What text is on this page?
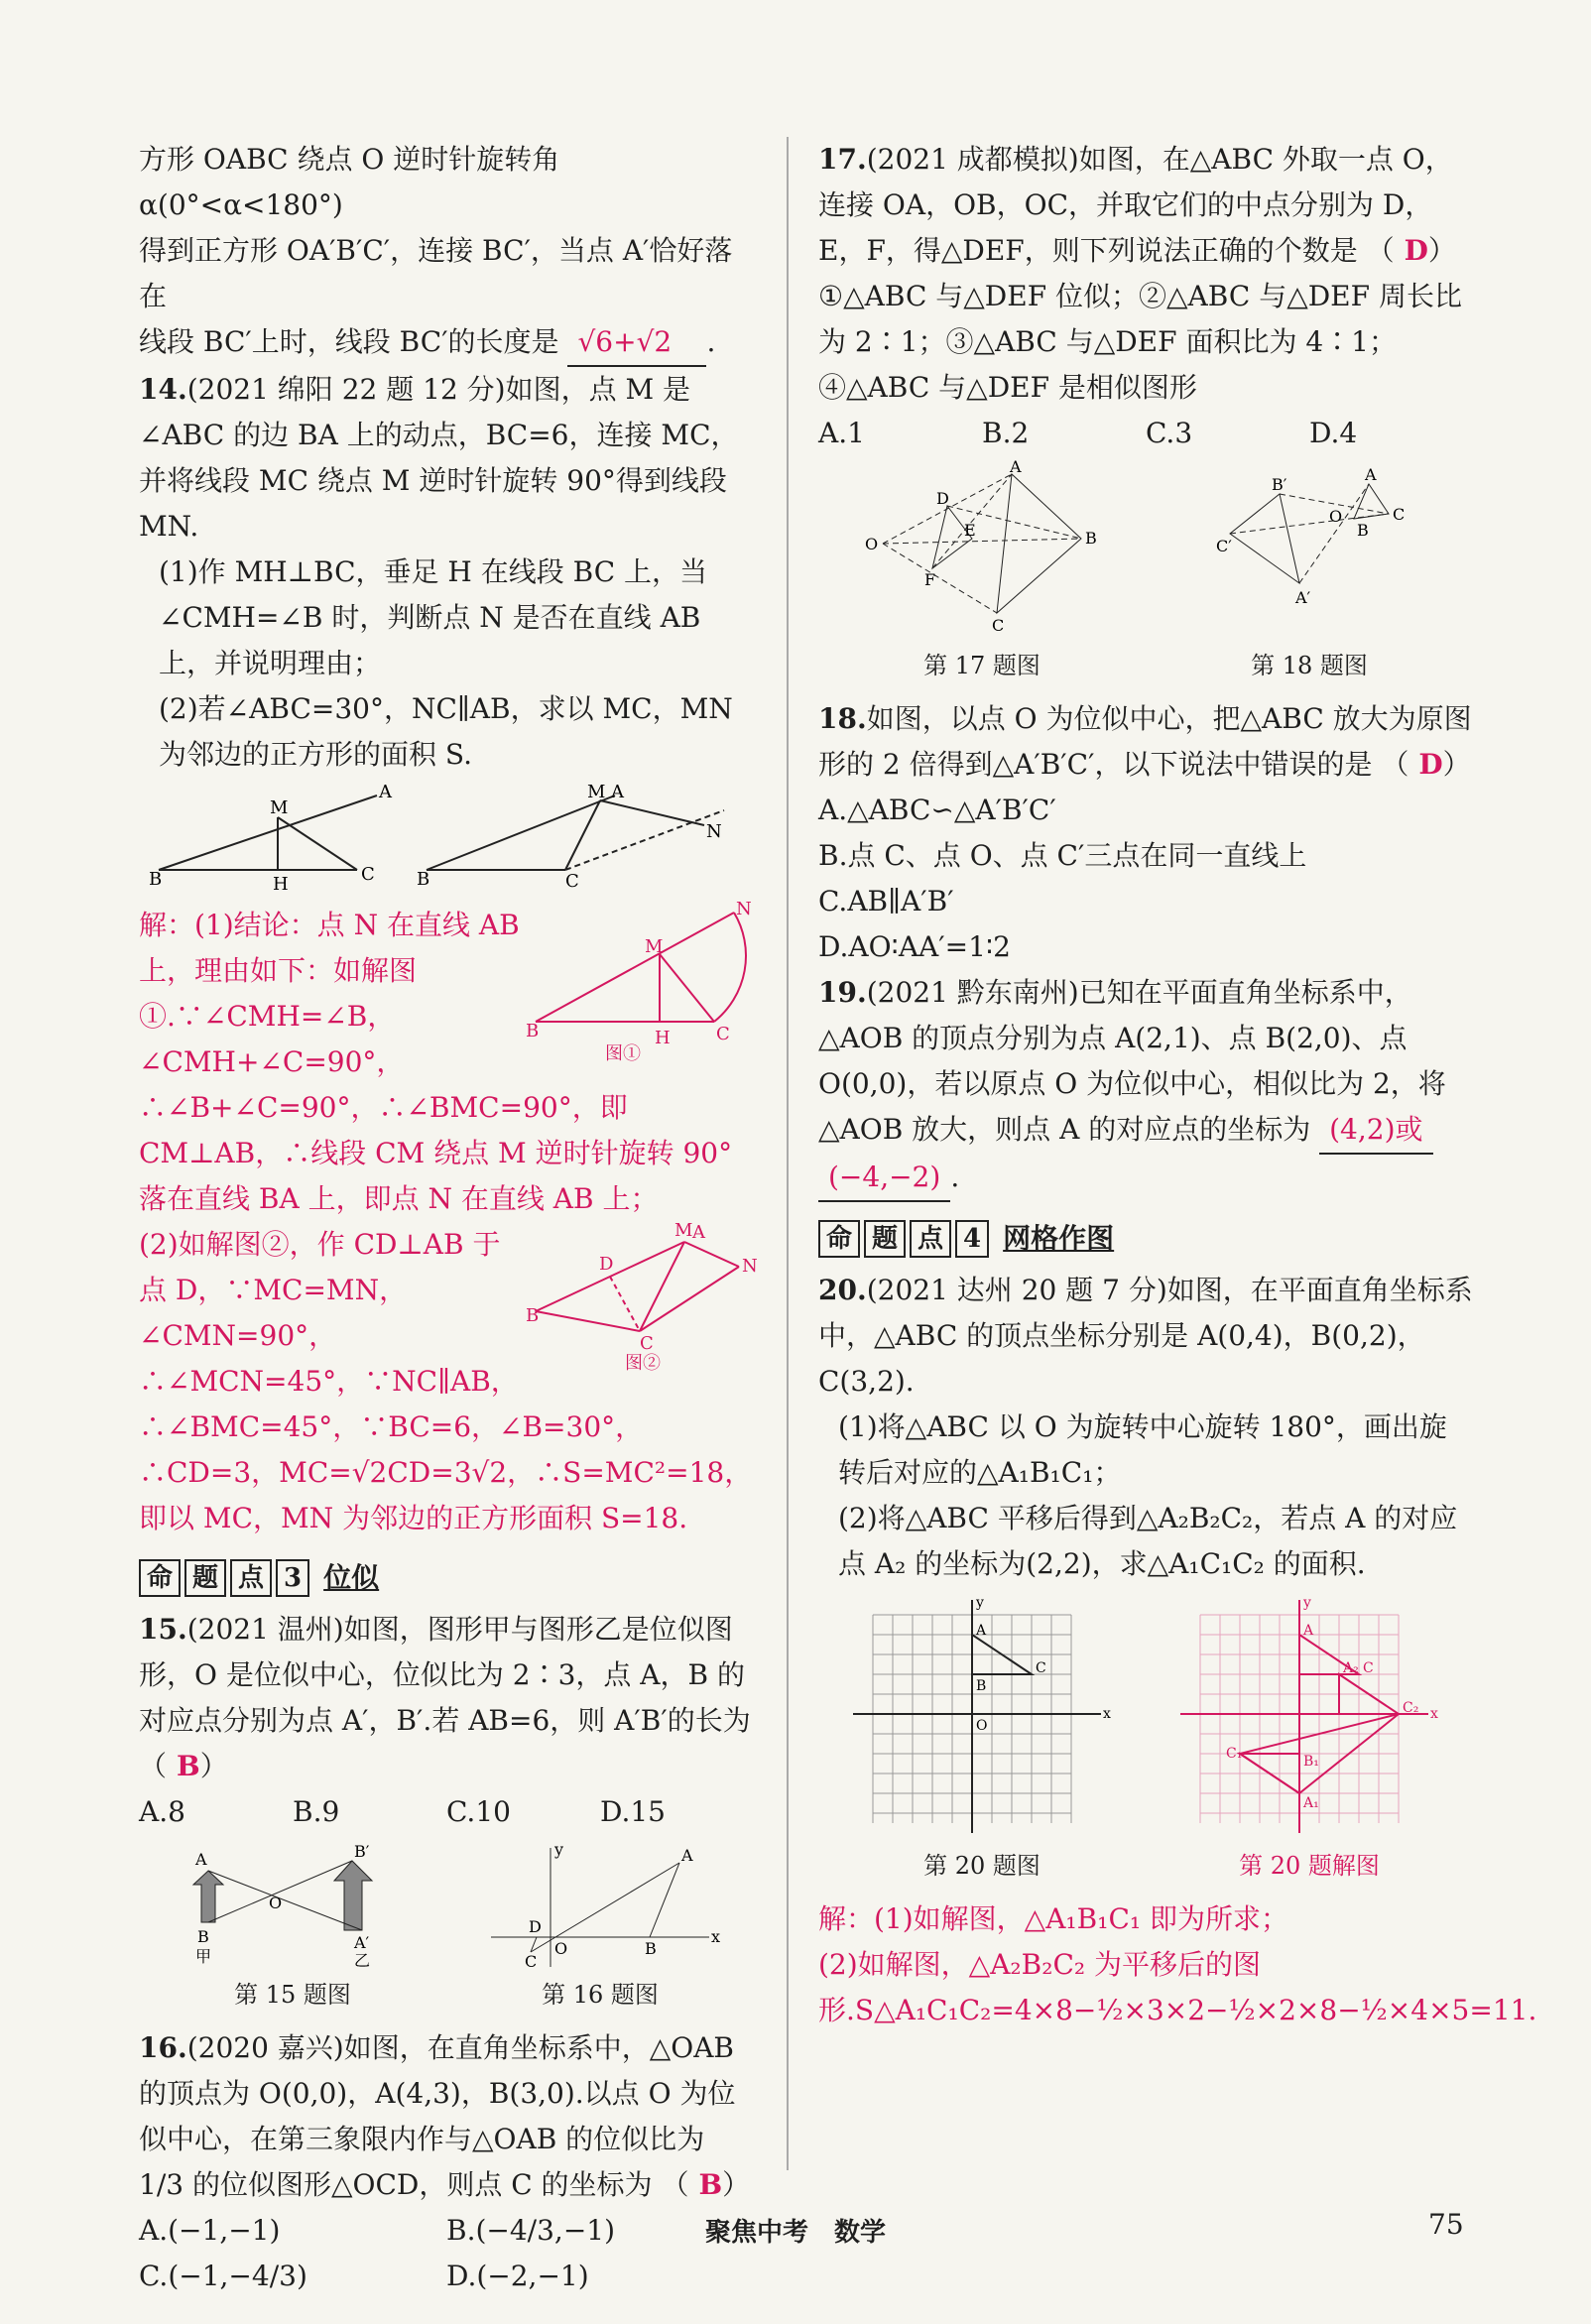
方形 OABC 绕点 O 逆时针旋转角 α(0°<α<180°)
得到正方形 OA′B′C′，连接 BC′，当点 A′恰好落在
线段 BC′上时，线段 BC′的长度是 √6+√2 .
14.(2021 绵阳 22 题 12 分)如图，点 M 是∠ABC 的边 BA 上的动点，BC=6，连接 MC，并将线段 MC 绕点 M 逆时针旋转 90°得到线段 MN.
(1)作 MH⊥BC，垂足 H 在线段 BC 上，当∠CMH=∠B 时，判断点 N 是否在直线 AB 上，并说明理由；
(2)若∠ABC=30°，NC∥AB，求以 MC，MN 为邻边的正方形的面积 S.
B
M
A
C
H	B
M A
C
N
B
M
N
C
H
图①
解：(1)结论：点 N 在直线 AB 上，理由如下：如解图①.∵∠CMH=∠B，∠CMH+∠C=90°，∴∠B+∠C=90°，∴∠BMC=90°，即 CM⊥AB，∴线段 CM 绕点 M 逆时针旋转 90°落在直线 BA 上，即点 N 在直线 AB 上；
B
M A
D
C
N
图②
(2)如解图②，作 CD⊥AB 于点 D，∵MC=MN，∠CMN=90°，∴∠MCN=45°，∵NC∥AB，∴∠BMC=45°，∵BC=6，∠B=30°，∴CD=3，MC=√2CD=3√2，∴S=MC²=18，即以 MC，MN 为邻边的正方形面积 S=18.
命 题 点 3 位似
15.(2021 温州)如图，图形甲与图形乙是位似图形，O 是位似中心，位似比为 2∶3，点 A，B 的对应点分别为点 A′，B′.若 AB=6，则 A′B′的长为 （ B）
A.8	B.9	C.10	D.15
A
B
O
B′
A′
甲	乙
第 15 题图
A
B
O
C
D
x
y
第 16 题图
16.(2020 嘉兴)如图，在直角坐标系中，△OAB 的顶点为 O(0,0)，A(4,3)，B(3,0).以点 O 为位似中心，在第三象限内作与△OAB 的位似比为 1/3 的位似图形△OCD，则点 C 的坐标为 （ B）
A.(−1,−1)	B.(−4/3,−1)
C.(−1,−4/3)	D.(−2,−1)
17.(2021 成都模拟)如图，在△ABC 外取一点 O，连接 OA，OB，OC，并取它们的中点分别为 D，E，F，得△DEF，则下列说法正确的个数是 （ D）
①△ABC 与△DEF 位似；②△ABC 与△DEF 周长比为 2∶1；③△ABC 与△DEF 面积比为 4∶1；④△ABC 与△DEF 是相似图形
A.1	B.2	C.3	D.4
A
D
E
O
F
C
B
第 17 题图
B′
C′
A′
A
C
B
O
第 18 题图
18.如图，以点 O 为位似中心，把△ABC 放大为原图形的 2 倍得到△A′B′C′，以下说法中错误的是 （ D）
A.△ABC∽△A′B′C′
B.点 C、点 O、点 C′三点在同一直线上
C.AB∥A′B′
D.AO∶AA′=1∶2
19.(2021 黔东南州)已知在平面直角坐标系中，△AOB 的顶点分别为点 A(2,1)、点 B(2,0)、点 O(0,0)，若以原点 O 为位似中心，相似比为 2，将△AOB 放大，则点 A 的对应点的坐标为 (4,2)或 (−4,−2) .
命 题 点 4 网格作图
20.(2021 达州 20 题 7 分)如图，在平面直角坐标系中，△ABC 的顶点坐标分别是 A(0,4)，B(0,2)，C(3,2).
(1)将△ABC 以 O 为旋转中心旋转 180°，画出旋转后对应的△A₁B₁C₁；
(2)将△ABC 平移后得到△A₂B₂C₂，若点 A 的对应点 A₂ 的坐标为(2,2)，求△A₁C₁C₂ 的面积.
A
B
C
x
y
O
第 20 题图
A
C
A₂
C₂
C₁
A₁
B₁
x
y
第 20 题解图
解：(1)如解图，△A₁B₁C₁ 即为所求；
(2)如解图，△A₂B₂C₂ 为平移后的图形.S△A₁C₁C₂=4×8−½×3×2−½×2×8−½×4×5=11.
聚焦中考　数学	75
